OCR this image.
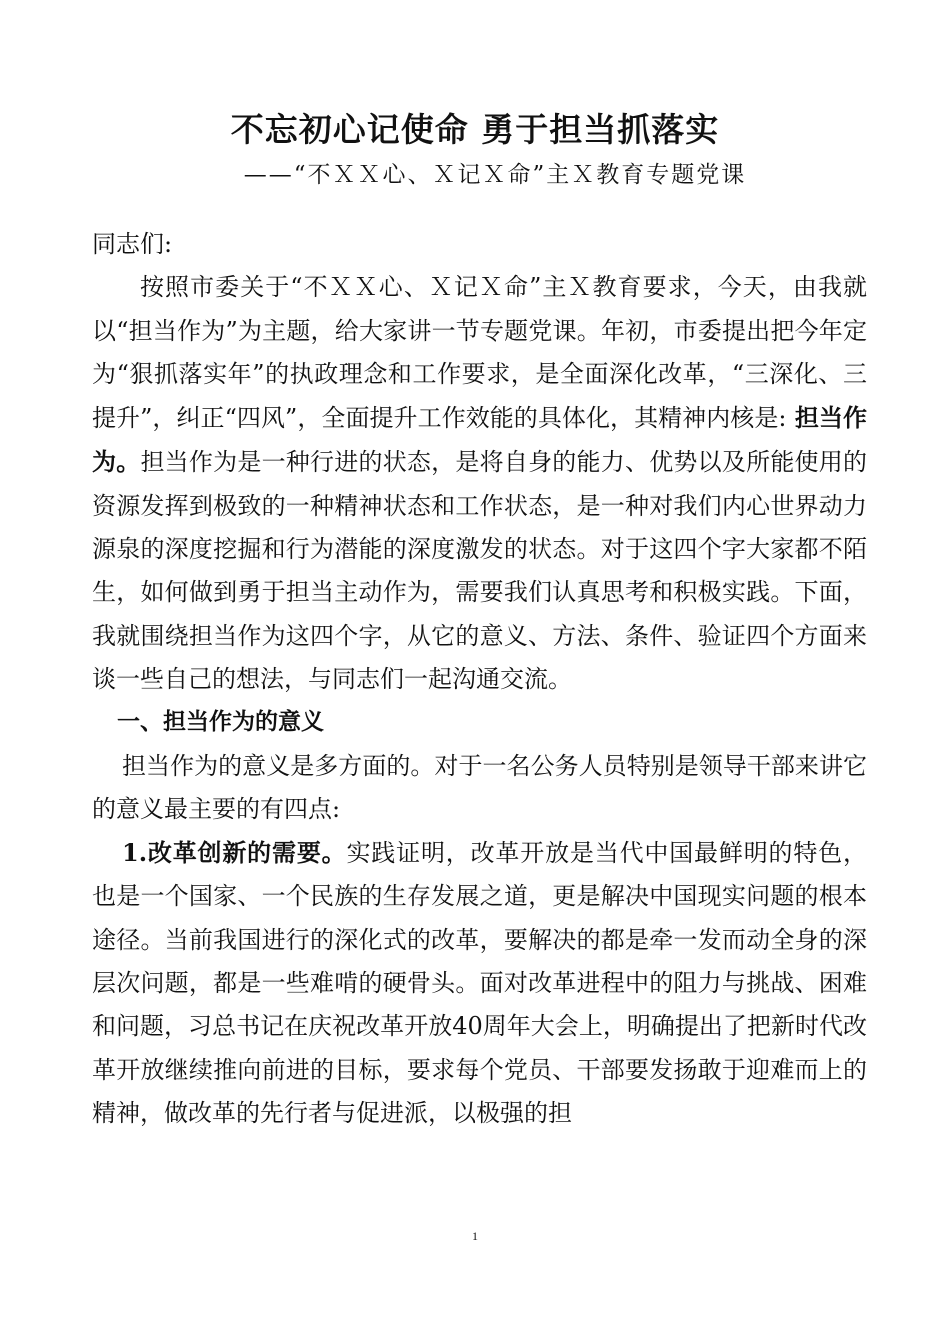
不忘初心记使命 勇于担当抓落实
——“不ＸＸ心、Ｘ记Ｘ命”主Ｘ教育专题党课

同志们:

按照市委关于“不ＸＸ心、Ｘ记Ｘ命”主Ｘ教育要求，今天，由我就以“担当作为”为主题，给大家讲一节专题党课。年初，市委提出把今年定为“狠抓落实年”的执政理念和工作要求，是全面深化改革，“三深化、三提升”，纠正“四风”，全面提升工作效能的具体化，其精神内核是: 担当作为。担当作为是一种行进的状态，是将自身的能力、优势以及所能使用的资源发挥到极致的一种精神状态和工作状态，是一种对我们内心世界动力源泉的深度挖掘和行为潜能的深度激发的状态。对于这四个字大家都不陌生，如何做到勇于担当主动作为，需要我们认真思考和积极实践。下面，我就围绕担当作为这四个字，从它的意义、方法、条件、验证四个方面来谈一些自己的想法，与同志们一起沟通交流。

一、担当作为的意义

担当作为的意义是多方面的。对于一名公务人员特别是领导干部来讲它的意义最主要的有四点:

1.改革创新的需要。实践证明，改革开放是当代中国最鲜明的特色，也是一个国家、一个民族的生存发展之道，更是解决中国现实问题的根本途径。当前我国进行的深化式的改革，要解决的都是牵一发而动全身的深层次问题，都是一些难啃的硬骨头。面对改革进程中的阻力与挑战、困难和问题，习总书记在庆祝改革开放40周年大会上，明确提出了把新时代改革开放继续推向前进的目标，要求每个党员、干部要发扬敢于迎难而上的精神，做改革的先行者与促进派，以极强的担

1
